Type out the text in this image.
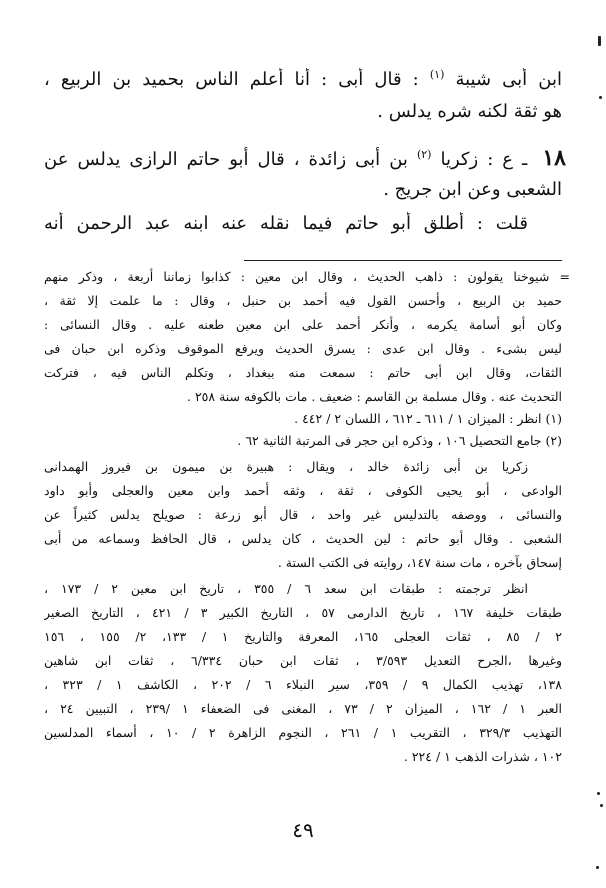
ابن أبى شيبة $^{(١)}$ : قال أبى : أنا أعلم الناس بحميد بن الربيع ،
هو ثقة لكنه شره يدلس .
١٨ ـ ع : زكريا $^{(٢)}$ بن أبى زائدة ، قال أبو حاتم الرازى يدلس عن
الشعبى وعن ابن جريج .
قلت : أطلق أبو حاتم فيما نقله عنه ابنه عبد الرحمن أنه
= شيوخنا يقولون : ذاهب الحديث ، وقال ابن معين : كذابوا زماننا أربعة ، وذكر منهم
حميد بن الربيع ، وأحسن القول فيه أحمد بن حنبل ، وقال : ما علمت إلا ثقة ،
وكان أبو أسامة يكرمه ، وأنكر أحمد على ابن معين طعنه عليه . وقال النسائى :
ليس بشىء . وقال ابن عدى : يسرق الحديث ويرفع الموقوف وذكره ابن حبان فى
الثقات، وقال ابن أبى حاتم : سمعت منه ببغداد ، وتكلم الناس فيه ، فتركت
التحديث عنه . وقال مسلمة بن القاسم : ضعيف . مات بالكوفه سنة ٢٥٨ .
(١) انظر : الميزان ١ / ٦١١ ـ ٦١٢ ، اللسان ٢ / ٤٤٢ .
(٢) جامع التحصيل ١٠٦ ، وذكره ابن حجر فى المرتبة الثانية ٦٢ .
زكريا بن أبى زائدة خالد ، ويقال : هبيرة بن ميمون بن فيروز الهمدانى
الوادعى ، أبو يحيى الكوفى ، ثقة ، وثقه أحمد وابن معين والعجلى وأبو داود
والنسائى ، ووصفه بالتدليس غير واحد ، قال أبو زرعة : صويلح يدلس كثيراً عن
الشعبى . وقال أبو حاتم : لين الحديث ، كان يدلس ، قال الحافظ وسماعه من أبى
إسحاق بآخره ، مات سنة ١٤٧، روايته فى الكتب الستة .
انظر ترجمته : طبقات ابن سعد ٦ / ٣٥٥ ، تاريخ ابن معين ٢ / ١٧٣ ،
طبقات خليفة ١٦٧ ، تاريخ الدارمى ٥٧ ، التاريخ الكبير ٣ / ٤٢١ ، التاريخ الصغير
٢ / ٨٥ ، ثقات العجلى ١٦٥، المعرفة والتاريخ ١ / ١٣٣، ٢/ ١٥٥ ، ١٥٦
وغيرها ،الجرح التعديل ٣/٥٩٣ ، ثقات ابن حبان ٦/٣٣٤ ، ثقات ابن شاهين
١٣٨، تهذيب الكمال ٩ / ٣٥٩، سير النبلاء ٦ / ٢٠٢ ، الكاشف ١ / ٣٢٣ ،
العبر ١ / ١٦٢ ، الميزان ٢ / ٧٣ ، المغنى فى الضعفاء ١ /٢٣٩ ، التبيين ٢٤ ،
التهذيب ٣٢٩/٣ ، التقريب ١ / ٢٦١ ، النجوم الزاهرة ٢ / ١٠ ، أسماء المدلسين
١٠٢ ، شذرات الذهب ١ / ٢٢٤ .
٤٩
